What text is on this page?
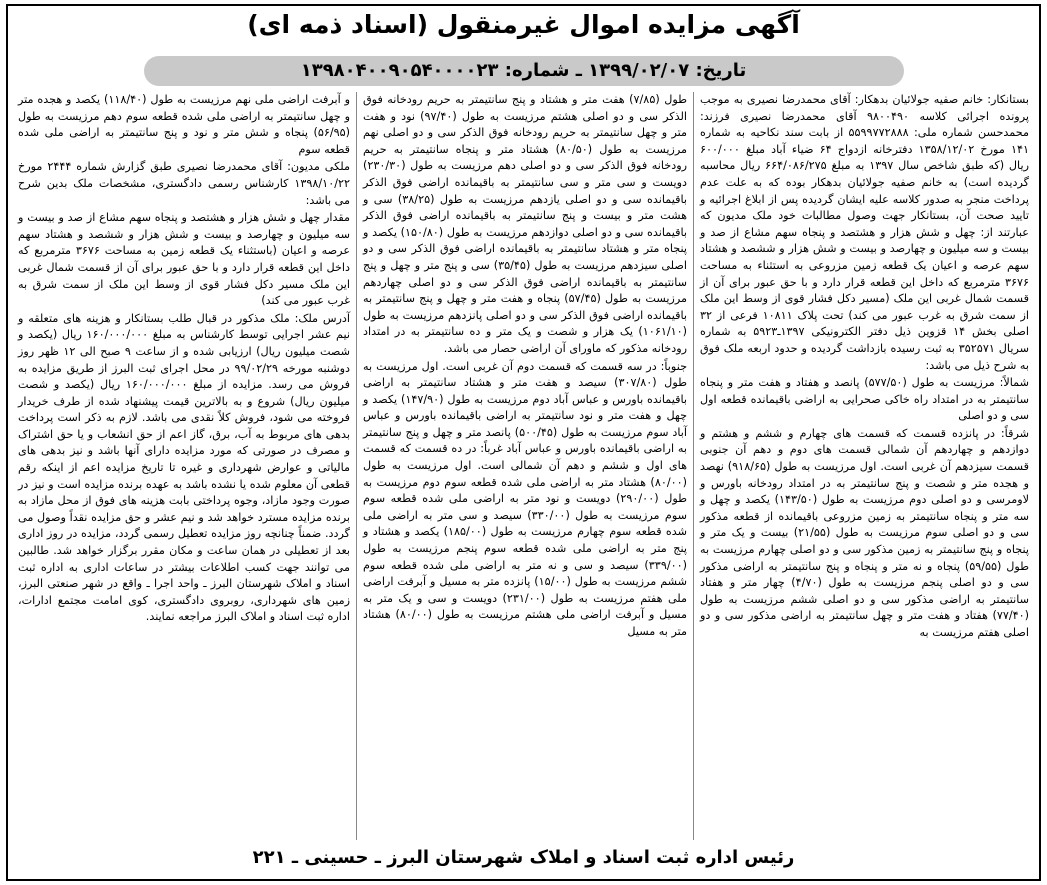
آگهی مزایده اموال غیرمنقول (اسناد ذمه ای)
تاریخ: ۱۳۹۹/۰۲/۰۷ ـ شماره: ۱۳۹۸۰۴۰۰۹۰۵۴۰۰۰۰۲۳

بستانکار: خانم صفیه جولائیان بدهکار: آقای محمدرضا نصیری به موجب پرونده اجرائی کلاسه ۹۸۰۰۴۹۰ آقای محمدرضا نصیری فرزند: محمدحسن شماره ملی: ۵۵۹۹۷۷۲۸۸۸ از بابت سند نکاحیه به شماره ۱۴۱ مورخ ۱۳۵۸/۱۲/۰۲ دفترخانه ازدواج ۶۴ ضیاء آباد مبلغ ۶۰۰/۰۰۰ ریال (که طبق شاخص سال ۱۳۹۷ به مبلغ ۶۶۴/۰۸۶/۲۷۵ ریال محاسبه گردیده است) به خانم صفیه جولائیان بدهکار بوده که به علت عدم پرداخت منجر به صدور کلاسه علیه ایشان گردیده پس از ابلاغ اجرائیه و تایید صحت آن، بستانکار جهت وصول مطالبات خود ملک مدیون که عبارتند از: چهل و شش هزار و هشتصد و پنجاه سهم مشاع از صد و بیست و سه میلیون و چهارصد و بیست و شش هزار و ششصد و هشتاد سهم عرصه و اعیان یک قطعه زمین مزروعی به استثناء به مساحت ۳۶۷۶ مترمربع که داخل این قطعه قرار دارد و با حق عبور برای آن از قسمت شمال غربی این ملک (مسیر دکل فشار قوی از وسط این ملک از سمت شرق به غرب عبور می کند) تحت پلاک ۱۰۸۱۱ فرعی از ۳۲ اصلی بخش ۱۴ قزوین ذیل دفتر الکترونیکی ۱۳۹۷ـ۵۹۲۳ به شماره سریال ۳۵۲۵۷۱ به ثبت رسیده بازداشت گردیده و حدود اربعه ملک فوق به شرح ذیل می باشد:

شمالاً: مرزیست به طول (۵۷۷/۵۰) پانصد و هفتاد و هفت متر و پنجاه سانتیمتر به در امتداد راه خاکی صحرایی به اراضی باقیمانده قطعه اول سی و دو اصلی

شرقاً: در پانزده قسمت که قسمت های چهارم و ششم و هشتم و دوازدهم و چهاردهم آن شمالی قسمت های دوم و دهم آن جنوبی قسمت سیزدهم آن غربی است. اول مرزیست به طول (۹۱۸/۶۵) نهصد و هجده متر و شصت و پنج سانتیمتر به در امتداد رودخانه باورس و لاومرسی و دو اصلی دوم مرزیست به طول (۱۴۳/۵۰) یکصد و چهل و سه متر و پنجاه سانتیمتر به زمین مزروعی باقیمانده از قطعه مذکور سی و دو اصلی سوم مرزیست به طول (۲۱/۵۵) بیست و یک متر و پنجاه و پنج سانتیمتر به زمین مذکور سی و دو اصلی چهارم مرزیست به طول (۵۹/۵۵) پنجاه و نه متر و پنجاه و پنج سانتیمتر به اراضی مذکور سی و دو اصلی پنجم مرزیست به طول (۴/۷۰) چهار متر و هفتاد سانتیمتر به اراضی مذکور سی و دو اصلی ششم مرزیست به طول (۷۷/۴۰) هفتاد و هفت متر و چهل سانتیمتر به اراضی مذکور سی و دو اصلی هفتم مرزیست به

طول (۷/۸۵) هفت متر و هشتاد و پنج سانتیمتر به حریم رودخانه فوق الذکر سی و دو اصلی هشتم مرزیست به طول (۹۷/۴۰) نود و هفت متر و چهل سانتیمتر به حریم رودخانه فوق الذکر سی و دو اصلی نهم مرزیست به طول (۸۰/۵۰) هشتاد متر و پنجاه سانتیمتر به حریم رودخانه فوق الذکر سی و دو اصلی دهم مرزیست به طول (۲۳۰/۳۰) دویست و سی متر و سی سانتیمتر به باقیمانده اراضی فوق الذکر باقیمانده سی و دو اصلی یازدهم مرزیست به طول (۳۸/۲۵) سی و هشت متر و بیست و پنج سانتیمتر به باقیمانده اراضی فوق الذکر باقیمانده سی و دو اصلی دوازدهم مرزیست به طول (۱۵۰/۸۰) یکصد و پنجاه متر و هشتاد سانتیمتر به باقیمانده اراضی فوق الذکر سی و دو اصلی سیزدهم مرزیست به طول (۳۵/۴۵) سی و پنج متر و چهل و پنج سانتیمتر به باقیمانده اراضی فوق الذکر سی و دو اصلی چهاردهم مرزیست به طول (۵۷/۴۵) پنجاه و هفت متر و چهل و پنج سانتیمتر به باقیمانده اراضی فوق الذکر سی و دو اصلی پانزدهم مرزیست به طول (۱۰۶۱/۱۰) یک هزار و شصت و یک متر و ده سانتیمتر به در امتداد رودخانه مذکور که ماورای آن اراضی حصار می باشد.

جنوباً: در سه قسمت که قسمت دوم آن غربی است. اول مرزیست به طول (۳۰۷/۸۰) سیصد و هفت متر و هشتاد سانتیمتر به اراضی باقیمانده باورس و عباس آباد دوم مرزیست به طول (۱۴۷/۹۰) یکصد و چهل و هفت متر و نود سانتیمتر به اراضی باقیمانده باورس و عباس آباد سوم مرزیست به طول (۵۰۰/۴۵) پانصد متر و چهل و پنج سانتیمتر به اراضی باقیمانده باورس و عباس آباد غرباً: در ده قسمت که قسمت های اول و ششم و دهم آن شمالی است. اول مرزیست به طول (۸۰/۰۰) هشتاد متر به اراضی ملی شده قطعه سوم دوم مرزیست به طول (۲۹۰/۰۰) دویست و نود متر به اراضی ملی شده قطعه سوم سوم مرزیست به طول (۳۳۰/۰۰) سیصد و سی متر به اراضی ملی شده قطعه سوم چهارم مرزیست به طول (۱۸۵/۰۰) یکصد و هشتاد و پنج متر به اراضی ملی شده قطعه سوم پنجم مرزیست به طول (۳۳۹/۰۰) سیصد و سی و نه متر به اراضی ملی شده قطعه سوم ششم مرزیست به طول (۱۵/۰۰) پانزده متر به مسیل و آبرفت اراضی ملی هفتم مرزیست به طول (۲۳۱/۰۰) دویست و سی و یک متر به مسیل و آبرفت اراضی ملی هشتم مرزیست به طول (۸۰/۰۰) هشتاد متر به مسیل

و آبرفت اراضی ملی نهم مرزیست به طول (۱۱۸/۴۰) یکصد و هجده متر و چهل سانتیمتر به اراضی ملی شده قطعه سوم دهم مرزیست به طول (۵۶/۹۵) پنجاه و شش متر و نود و پنج سانتیمتر به اراضی ملی شده قطعه سوم

ملکی مدیون: آقای محمدرضا نصیری طبق گزارش شماره ۲۴۴۴ مورخ ۱۳۹۸/۱۰/۲۲ کارشناس رسمی دادگستری، مشخصات ملک بدین شرح می باشد:

مقدار چهل و شش هزار و هشتصد و پنجاه سهم مشاع از صد و بیست و سه میلیون و چهارصد و بیست و شش هزار و ششصد و هشتاد سهم عرصه و اعیان (باستثناء یک قطعه زمین به مساحت ۳۶۷۶ مترمربع که داخل این قطعه قرار دارد و با حق عبور برای آن از قسمت شمال غربی این ملک مسیر دکل فشار قوی از وسط این ملک از سمت شرق به غرب عبور می کند)

آدرس ملک: ملک مذکور در قبال طلب بستانکار و هزینه های متعلقه و نیم عشر اجرایی توسط کارشناس به مبلغ ۱۶۰/۰۰۰/۰۰۰ ریال (یکصد و شصت میلیون ریال) ارزیابی شده و از ساعت ۹ صبح الی ۱۲ ظهر روز دوشنبه مورخه ۹۹/۰۲/۲۹ در محل اجرای ثبت البرز از طریق مزایده به فروش می رسد. مزایده از مبلغ ۱۶۰/۰۰۰/۰۰۰ ریال (یکصد و شصت میلیون ریال) شروع و به بالاترین قیمت پیشنهاد شده از طرف خریدار فروخته می شود، فروش کلاً نقدی می باشد. لازم به ذکر است پرداخت بدهی های مربوط به آب، برق، گاز اعم از حق انشعاب و یا حق اشتراک و مصرف در صورتی که مورد مزایده دارای آنها باشد و نیز بدهی های مالیاتی و عوارض شهرداری و غیره تا تاریخ مزایده اعم از اینکه رقم قطعی آن معلوم شده یا نشده باشد به عهده برنده مزایده است و نیز در صورت وجود مازاد، وجوه پرداختی بابت هزینه های فوق از محل مازاد به برنده مزایده مسترد خواهد شد و نیم عشر و حق مزایده نقداً وصول می گردد. ضمناً چنانچه روز مزایده تعطیل رسمی گردد، مزایده در روز اداری بعد از تعطیلی در همان ساعت و مکان مقرر برگزار خواهد شد. طالبین می توانند جهت کسب اطلاعات بیشتر در ساعات اداری به اداره ثبت اسناد و املاک شهرستان البرز ـ واحد اجرا ـ واقع در شهر صنعتی البرز، زمین های شهرداری، روبروی دادگستری، کوی امامت مجتمع ادارات، اداره ثبت اسناد و املاک البرز مراجعه نمایند.

رئیس اداره ثبت اسناد و املاک شهرستان البرز ـ حسینی ـ ۲۲۱
